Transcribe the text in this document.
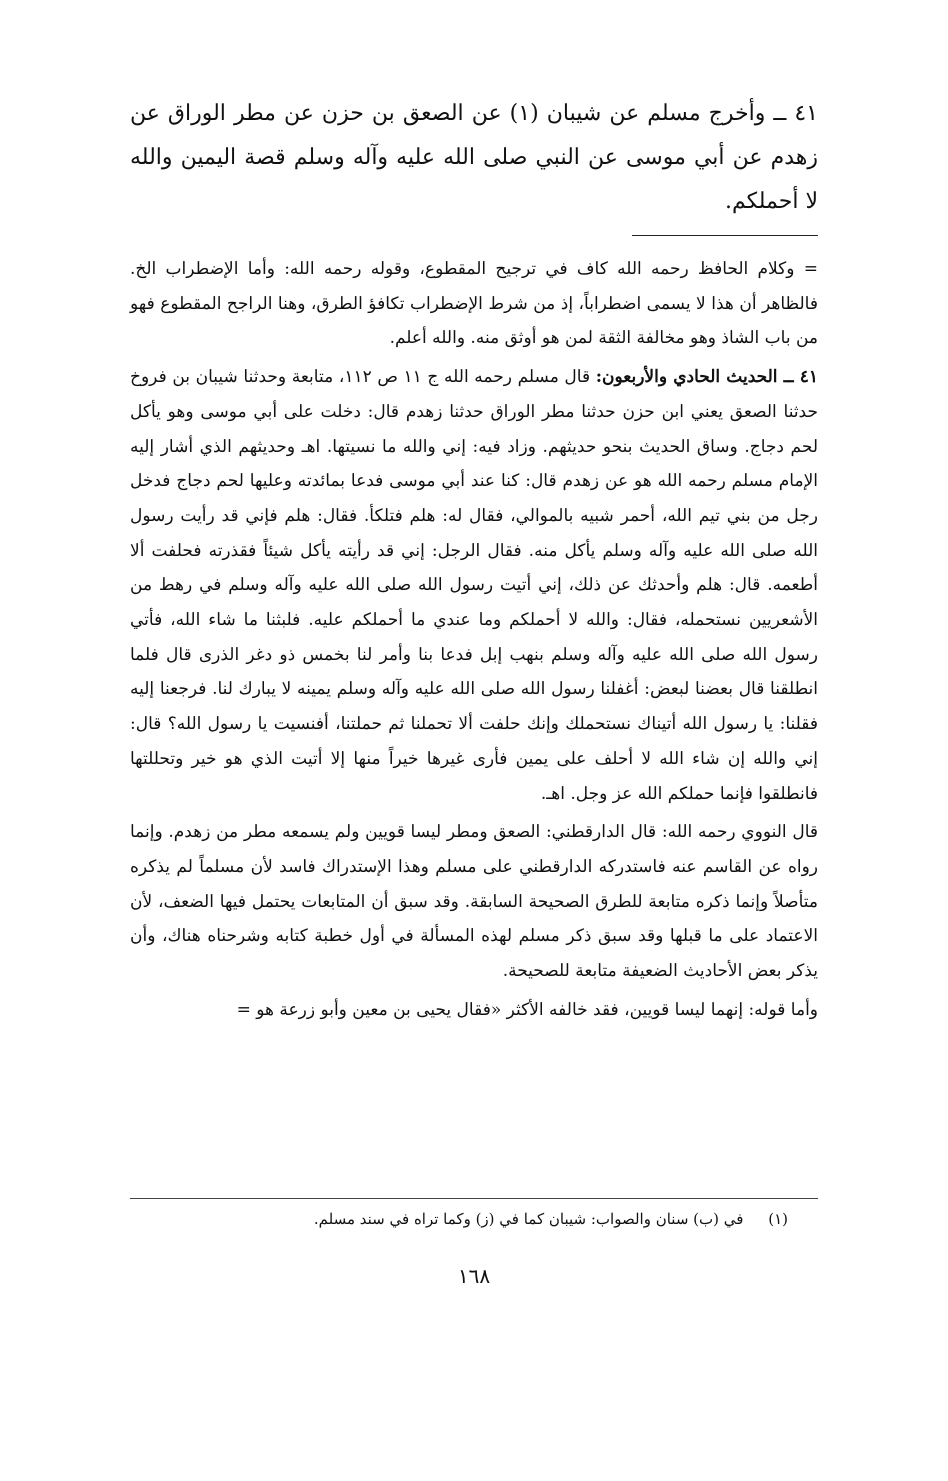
٤١ ــ وأخرج مسلم عن شيبان (١) عن الصعق بن حزن عن مطر الوراق عن زهدم عن أبي موسى عن النبي صلى الله عليه وآله وسلم قصة اليمين والله لا أحملكم.

= وكلام الحافظ رحمه الله كاف في ترجيح المقطوع، وقوله رحمه الله: وأما الإضطراب الخ. فالظاهر أن هذا لا يسمى اضطراباً، إذ من شرط الإضطراب تكافؤ الطرق، وهنا الراجح المقطوع فهو من باب الشاذ وهو مخالفة الثقة لمن هو أوثق منه. والله أعلم.

٤١ ــ الحديث الحادي والأربعون: قال مسلم رحمه الله ج ١١ ص ١١٢، متابعة وحدثنا شيبان بن فروخ حدثنا الصعق يعني ابن حزن حدثنا مطر الوراق حدثنا زهدم قال: دخلت على أبي موسى وهو يأكل لحم دجاج. وساق الحديث بنحو حديثهم. وزاد فيه: إني والله ما نسيتها. اهـ وحديثهم الذي أشار إليه الإمام مسلم رحمه الله هو عن زهدم قال: كنا عند أبي موسى فدعا بمائدته وعليها لحم دجاج فدخل رجل من بني تيم الله، أحمر شبيه بالموالي، فقال له: هلم فتلكأ. فقال: هلم فإني قد رأيت رسول الله صلى الله عليه وآله وسلم يأكل منه. فقال الرجل: إني قد رأيته يأكل شيئاً فقذرته فحلفت ألا أطعمه. قال: هلم وأحدثك عن ذلك، إني أتيت رسول الله صلى الله عليه وآله وسلم في رهط من الأشعريين نستحمله، فقال: والله لا أحملكم وما عندي ما أحملكم عليه. فلبثنا ما شاء الله، فأتي رسول الله صلى الله عليه وآله وسلم بنهب إبل فدعا بنا وأمر لنا بخمس ذو دغر الذرى قال فلما انطلقنا قال بعضنا لبعض: أغفلنا رسول الله صلى الله عليه وآله وسلم يمينه لا يبارك لنا. فرجعنا إليه فقلنا: يا رسول الله أتيناك نستحملك وإنك حلفت ألا تحملنا ثم حملتنا، أفنسيت يا رسول الله؟ قال: إني والله إن شاء الله لا أحلف على يمين فأرى غيرها خيراً منها إلا أتيت الذي هو خير وتحللتها فانطلقوا فإنما حملكم الله عز وجل. اهـ.

قال النووي رحمه الله: قال الدارقطني: الصعق ومطر ليسا قويين ولم يسمعه مطر من زهدم. وإنما رواه عن القاسم عنه فاستدركه الدارقطني على مسلم وهذا الإستدراك فاسد لأن مسلماً لم يذكره متأصلاً وإنما ذكره متابعة للطرق الصحيحة السابقة. وقد سبق أن المتابعات يحتمل فيها الضعف، لأن الاعتماد على ما قبلها وقد سبق ذكر مسلم لهذه المسألة في أول خطبة كتابه وشرحناه هناك، وأن يذكر بعض الأحاديث الضعيفة متابعة للصحيحة.

وأما قوله: إنهما ليسا قويين، فقد خالفه الأكثر «فقال يحيى بن معين وأبو زرعة هو =

(١) في (ب) سنان والصواب: شيبان كما في (ز) وكما تراه في سند مسلم.
١٦٨
